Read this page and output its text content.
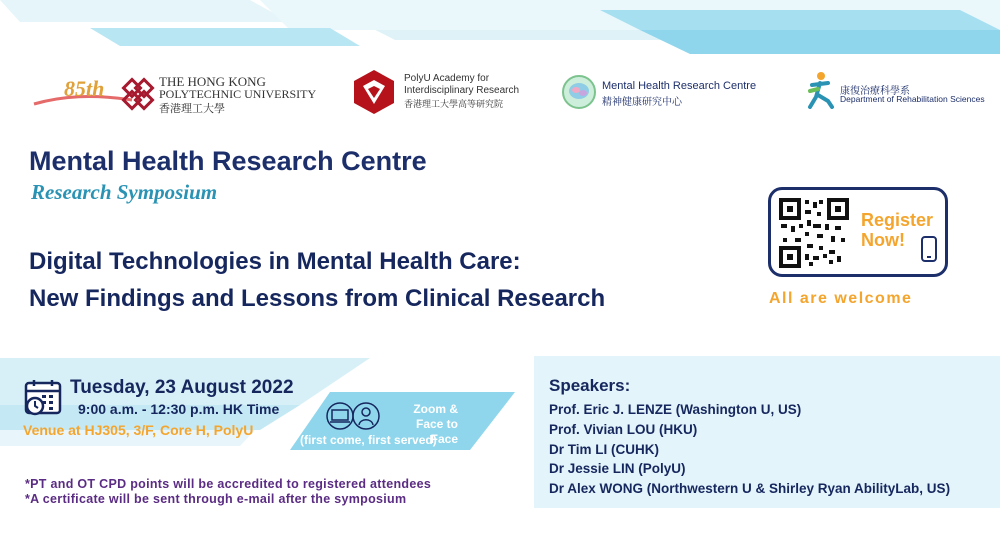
85th	THE HONG KONG
POLYTECHNIC UNIVERSITY
香港理工大學
PolyU Academy for
Interdisciplinary Research
香港理工大學高等研究院
Mental Health Research Centre
精神健康研究中心
康復治療科學系
Department of Rehabilitation Sciences
Mental Health Research Centre
Research Symposium
Digital Technologies in Mental Health Care:
New Findings and Lessons from Clinical Research
Register
Now!
All are welcome
Tuesday, 23 August 2022
9:00 a.m. - 12:30 p.m. HK Time
Venue at HJ305, 3/F, Core H, PolyU
Zoom &
Face to Face
(first come, first served)
*PT and OT CPD points will be accredited to registered attendees
*A certificate will be sent through e-mail after the symposium
Speakers:
Prof. Eric J. LENZE (Washington U, US)
Prof. Vivian LOU (HKU)
Dr Tim LI (CUHK)
Dr Jessie LIN (PolyU)
Dr Alex WONG (Northwestern U & Shirley Ryan AbilityLab, US)
